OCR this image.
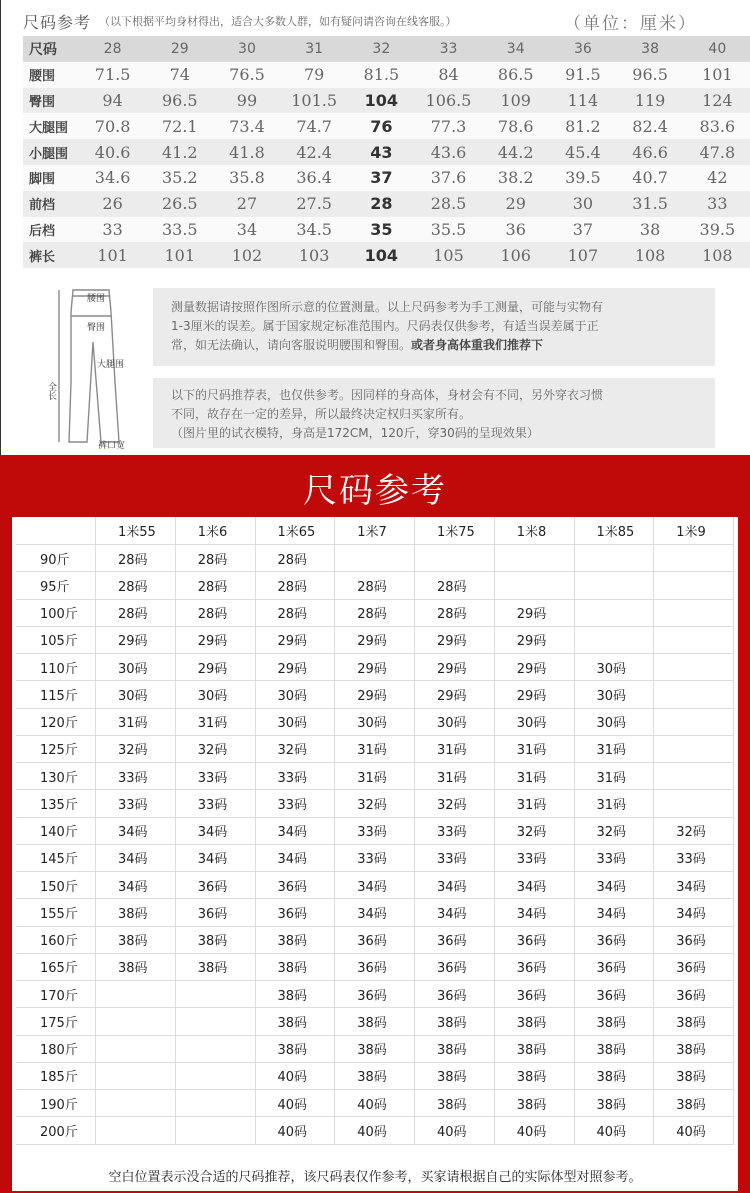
尺码参考 （以下根据平均身材得出，适合大多数人群，如有疑问请咨询在线客服。）	（单位：厘米）
尺码	28	29	30	31	32	33	34	36	38	40
腰围	71.5	74	76.5	79	81.5	84	86.5	91.5	96.5	101
臀围	94	96.5	99	101.5	104	106.5	109	114	119	124
大腿围	70.8	72.1	73.4	74.7	76	77.3	78.6	81.2	82.4	83.6
小腿围	40.6	41.2	41.8	42.4	43	43.6	44.2	45.4	46.6	47.8
脚围	34.6	35.2	35.8	36.4	37	37.6	38.2	39.5	40.7	42
前档	26	26.5	27	27.5	28	28.5	29	30	31.5	33
后档	33	33.5	34	34.5	35	35.5	36	37	38	39.5
裤长	101	101	102	103	104	105	106	107	108	108
腰围
臀围
大腿围
全长
裤口宽
测量数据请按照作图所示意的位置测量。以上尺码参考为手工测量，可能与实物有
1-3厘米的误差。属于国家规定标准范围内。尺码表仅供参考，有适当误差属于正
常，如无法确认，请向客服说明腰围和臀围。或者身高体重我们推荐下
以下的尺码推荐表，也仅供参考。因同样的身高体，身材会有不同，另外穿衣习惯
不同，故存在一定的差异，所以最终决定权归买家所有。
（图片里的试衣模特，身高是172CM，120斤，穿30码的呈现效果）
尺码参考
	1米55	1米6	1米65	1米7	1米75	1米8	1米85	1米9
90斤	28码	28码	28码					
95斤	28码	28码	28码	28码	28码			
100斤	28码	28码	28码	28码	28码	29码		
105斤	29码	29码	29码	29码	29码	29码		
110斤	30码	29码	29码	29码	29码	29码	30码	
115斤	30码	30码	30码	29码	29码	29码	30码	
120斤	31码	31码	30码	30码	30码	30码	30码	
125斤	32码	32码	32码	31码	31码	31码	31码	
130斤	33码	33码	33码	31码	31码	31码	31码	
135斤	33码	33码	33码	32码	32码	31码	31码	
140斤	34码	34码	34码	33码	33码	32码	32码	32码
145斤	34码	34码	34码	33码	33码	33码	33码	33码
150斤	34码	36码	36码	34码	34码	34码	34码	34码
155斤	38码	36码	36码	34码	34码	34码	34码	34码
160斤	38码	38码	38码	36码	36码	36码	36码	36码
165斤	38码	38码	38码	36码	36码	36码	36码	36码
170斤			38码	36码	36码	36码	36码	36码
175斤			38码	38码	38码	38码	38码	38码
180斤			38码	38码	38码	38码	38码	38码
185斤			40码	38码	38码	38码	38码	38码
190斤			40码	40码	38码	38码	38码	38码
200斤			40码	40码	40码	40码	40码	40码
空白位置表示没合适的尺码推荐，该尺码表仅作参考，买家请根据自己的实际体型对照参考。
